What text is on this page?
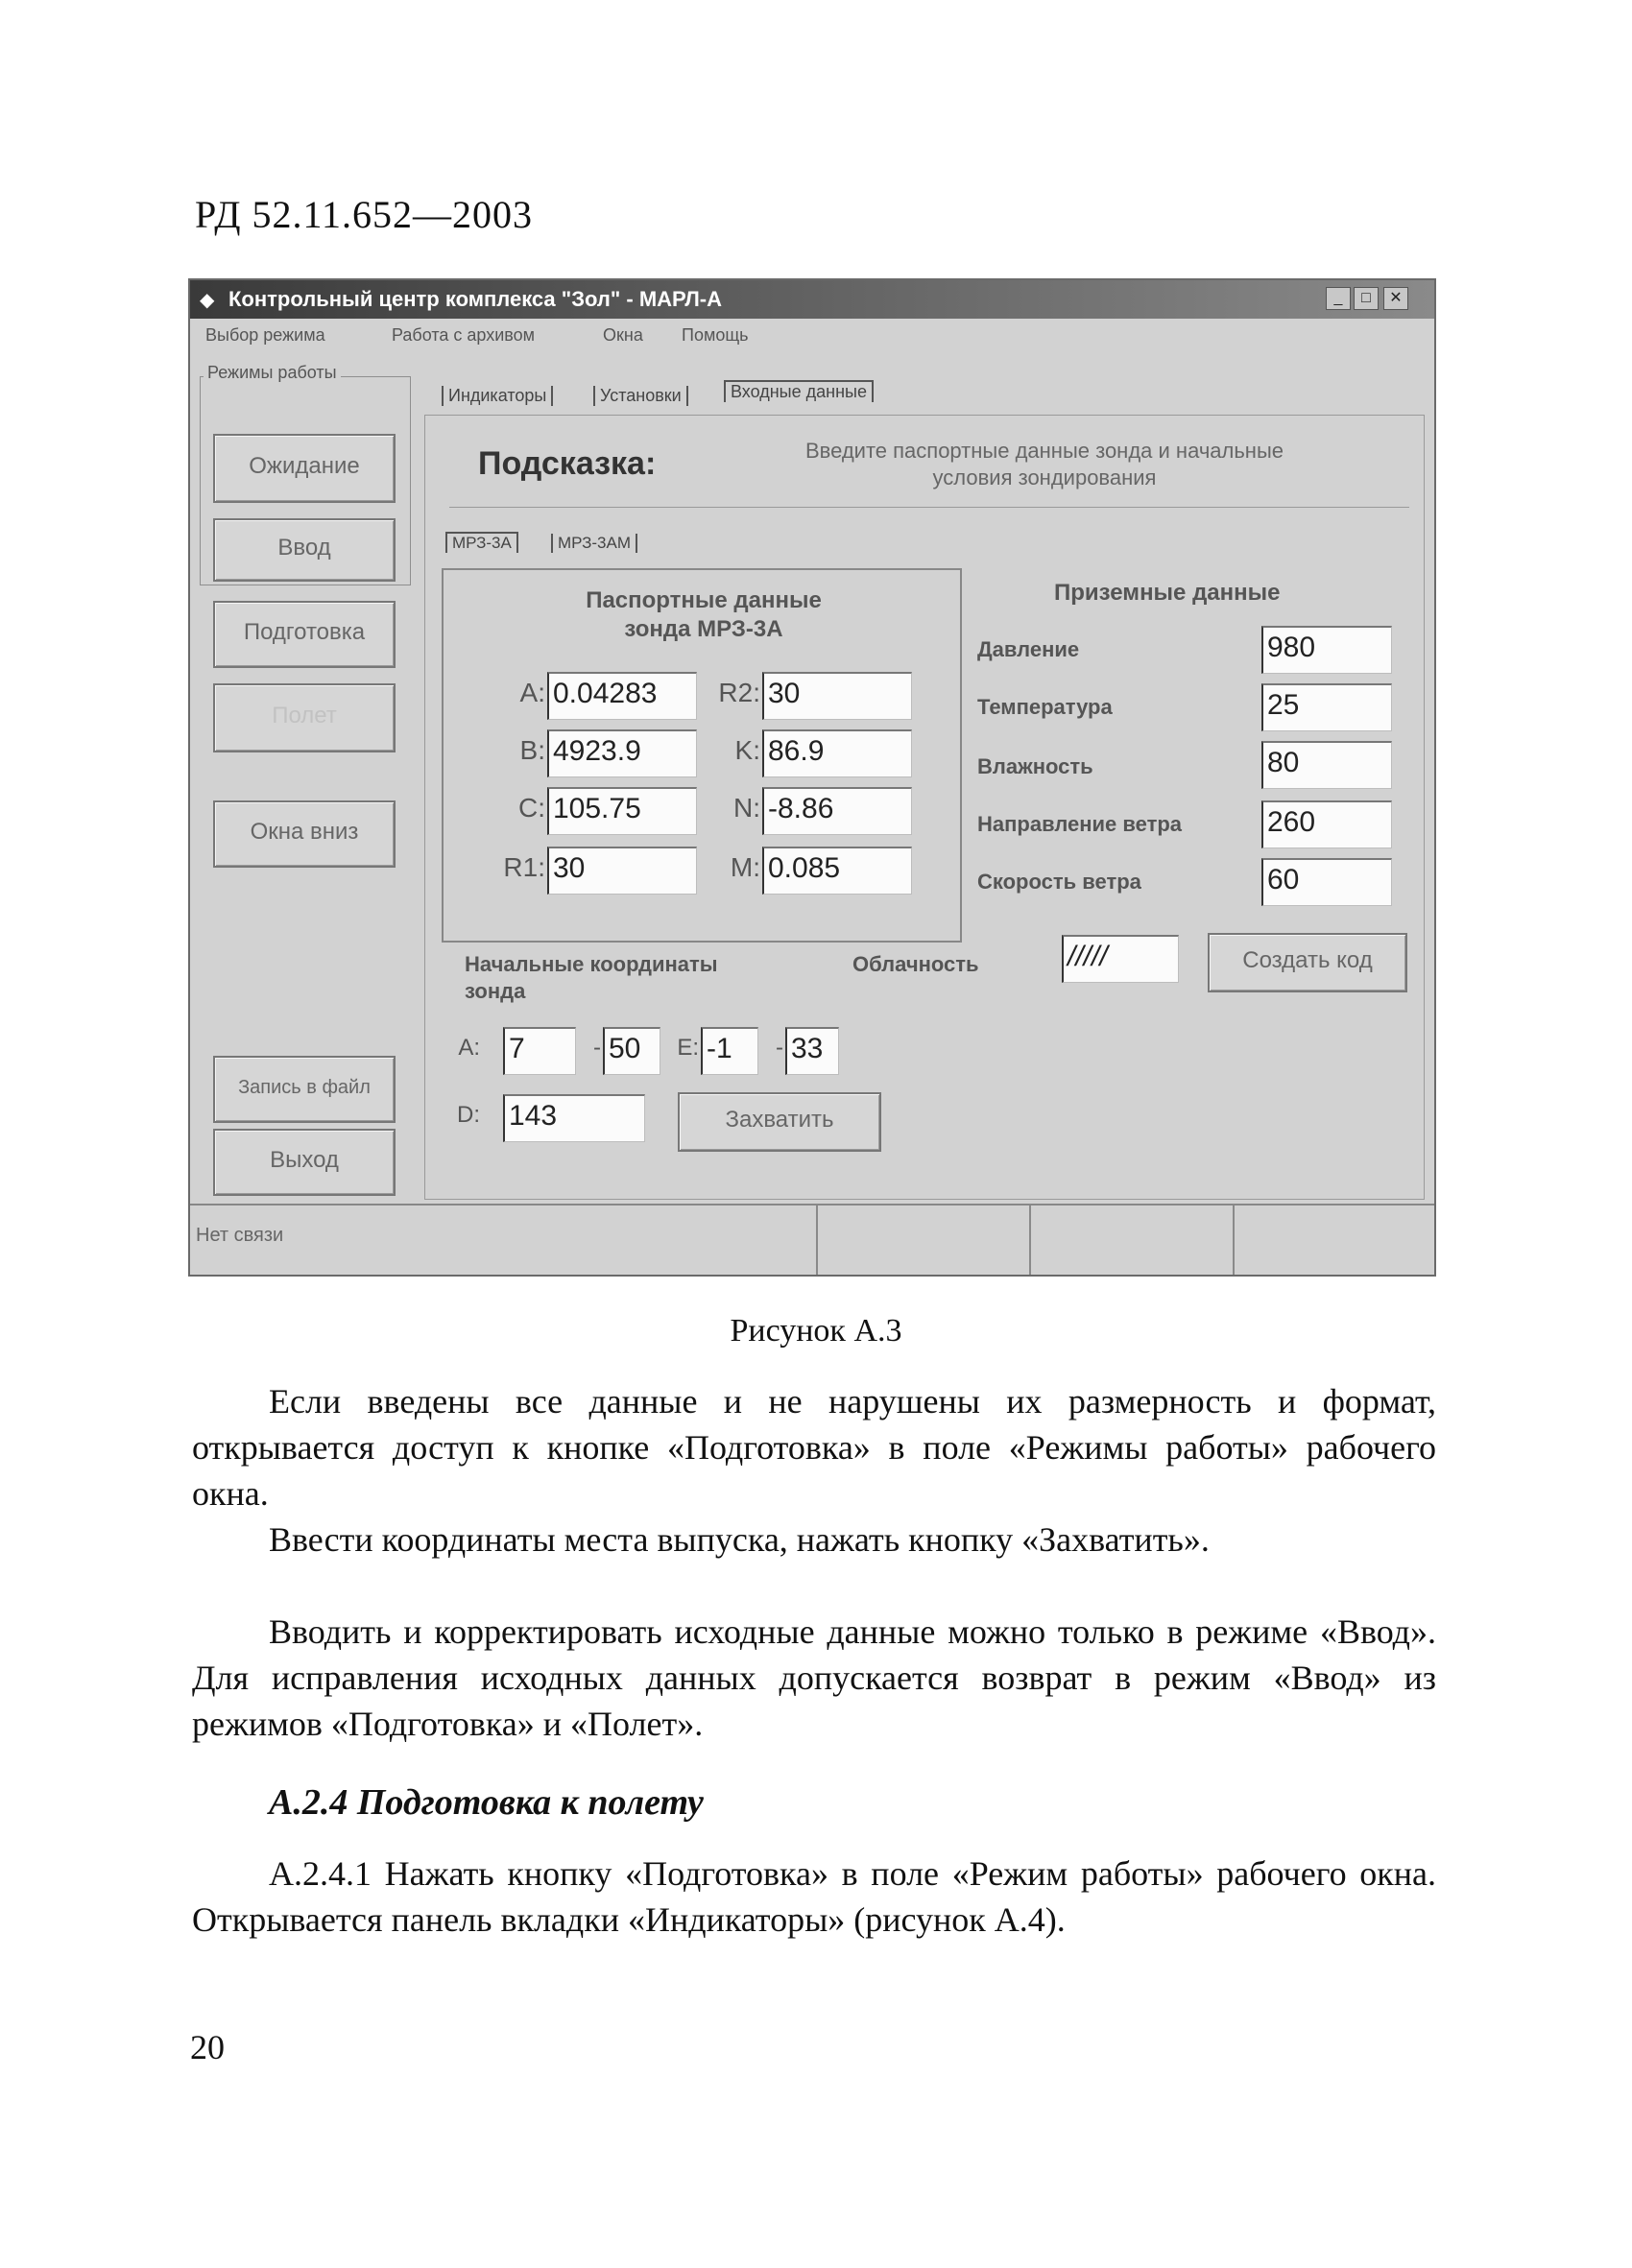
РД 52.11.652—2003
◆ Контрольный центр комплекса "Зол" - МАРЛ-А	_	□	✕
Выбор режима	Работа с архивом	Окна Помощь
Режимы работы
Ожидание
Ввод
Подготовка
Полет
Окна вниз
Запись в файл
Выход
Индикаторы	Установки	Входные данные
Подсказка:	Введите паспортные данные зонда и начальные
условия зондирования
МРЗ-3А	МРЗ-3АМ
Паспортные данные
зонда МРЗ-3А
A: 0.04283	R2: 30
B: 4923.9	K: 86.9
C: 105.75	N: -8.86
R1: 30	M: 0.085
Приземные данные
Давление	980
Температура	25
Влажность	80
Направление ветра	260
Скорость ветра	60
Начальные координаты
зонда
A: 7	- 50	E: -1	- 33
D: 143	Захватить
Облачность	/////	Создать код
Нет связи
Рисунок А.3

Если введены все данные и не нарушены их размерность и формат, открывается доступ к кнопке «Подготовка» в поле «Режимы работы» рабочего окна.

Ввести координаты места выпуска, нажать кнопку «Захватить».

Вводить и корректировать исходные данные можно только в режиме «Ввод». Для исправления исходных данных допускается возврат в режим «Ввод» из режимов «Подготовка» и «Полет».

А.2.4 Подготовка к полету

А.2.4.1 Нажать кнопку «Подготовка» в поле «Режим работы» рабочего окна. Открывается панель вкладки «Индикаторы» (рисунок А.4).

20
